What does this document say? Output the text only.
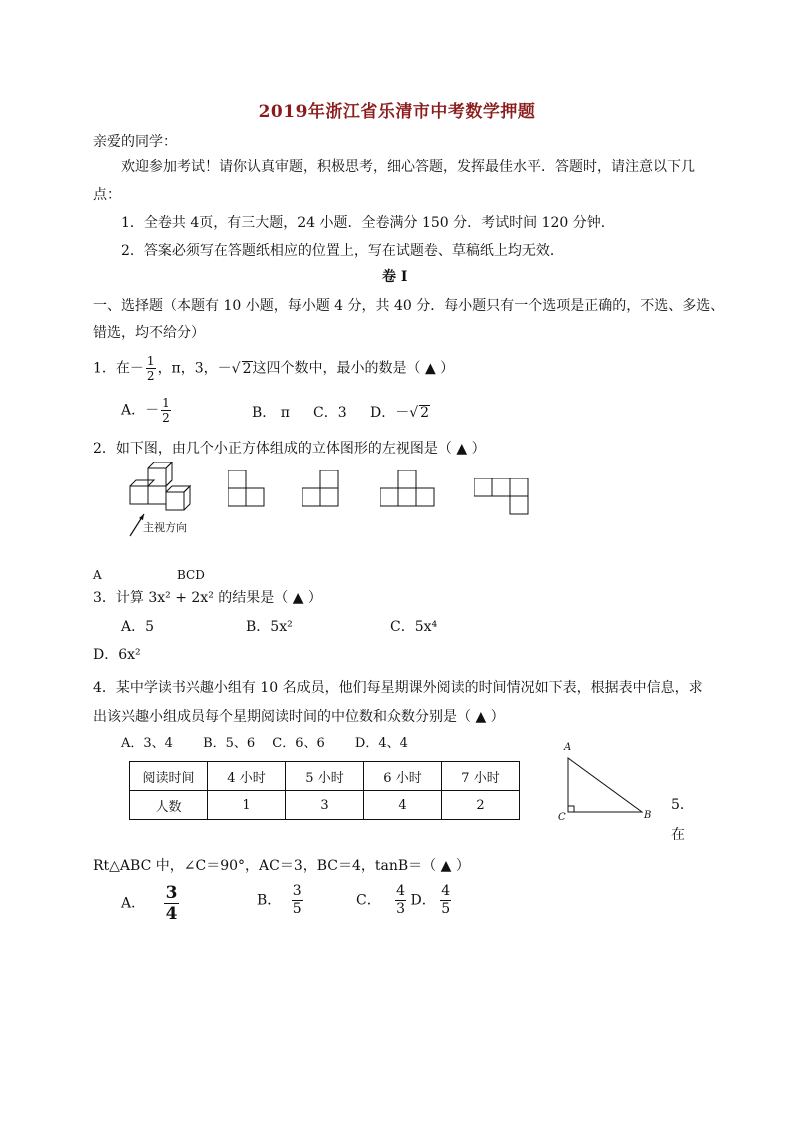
2019年浙江省乐清市中考数学押题
亲爱的同学：
欢迎参加考试！请你认真审题，积极思考，细心答题，发挥最佳水平．答题时，请注意以下几
点：
1．全卷共 4页，有三大题，24 小题．全卷满分 150 分．考试时间 120 分钟．
2．答案必须写在答题纸相应的位置上，写在试题卷、草稿纸上均无效．
卷 I
一、选择题（本题有 10 小题，每小题 4 分，共 40 分．每小题只有一个选项是正确的，不选、多选、
错选，均不给分）
1．在－ $\frac{1}{2}$ ，π，3，－√ 2这四个数中，最小的数是（ ▲ ）
A．－ $\frac{1}{2}$	B． π C．3 D．－√ 2
2．如下图，由几个小正方体组成的立体图形的左视图是（ ▲ ）
主视方向
A	BCD
3．计算 3x² + 2x² 的结果是（ ▲ ）
A．5	B．5x²	C．5x⁴
D．6x²
4．某中学读书兴趣小组有 10 名成员，他们每星期课外阅读的时间情况如下表，根据表中信息，求
出该兴趣小组成员每个星期阅读时间的中位数和众数分别是（ ▲ ）
A．3、4　　 B．5、6　 C．6、6　 　D．4、4
阅读时间	4 小时	5 小时	6 小时	7 小时
人数	1	3	4	2
A
B
C
5．
在
Rt△ABC 中，∠C＝90°，AC＝3，BC＝4，tanB＝（ ▲ ）
A． $\frac{3}{4}$	B． $\frac{3}{5}$	C． $\frac{4}{3}$ D． $\frac{4}{5}$
